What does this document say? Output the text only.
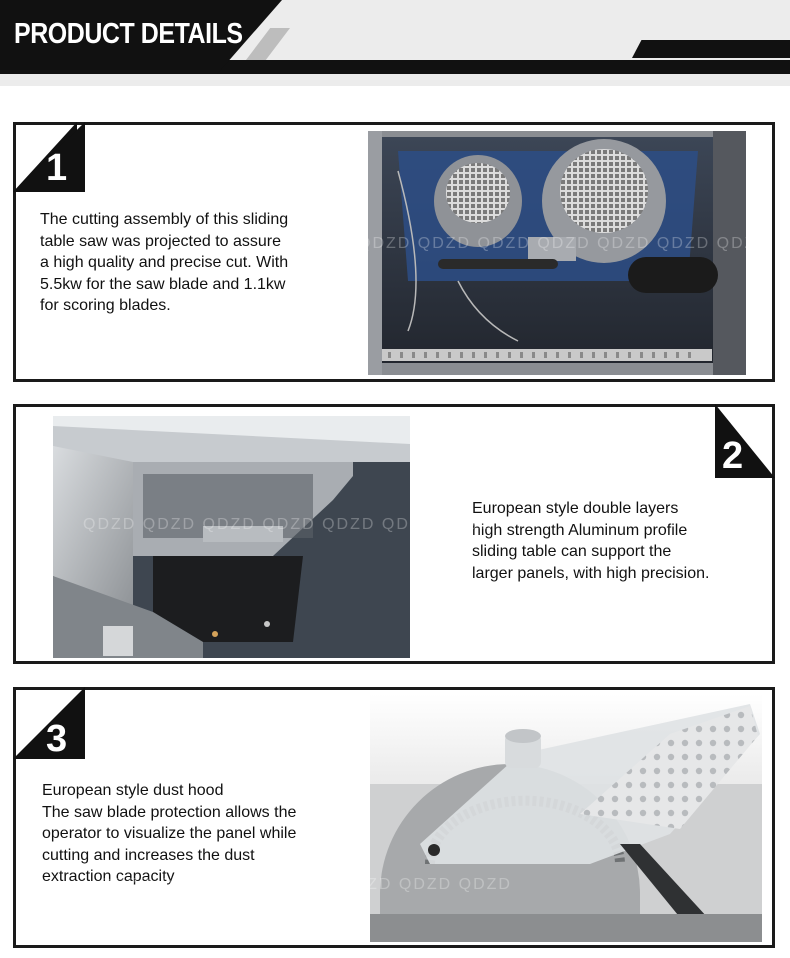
PRODUCT DETAILS
1
The cutting assembly of this sliding
table saw was projected to assure
a high quality and precise cut. With
5.5kw for the saw blade and 1.1kw
for scoring blades.
QDZD QDZD QDZD QDZD QDZD QDZD QDZD
2
European style double layers
high strength Aluminum profile
sliding table can support the
larger panels, with high precision.
QDZD QDZD QDZD QDZD QDZD QDZD QDZD
3
European style dust hood
The saw blade protection allows the
operator to visualize the panel while
cutting and increases the dust
extraction capacity
QDZD QDZD QDZD QDZD QDZD QDZD QDZD
